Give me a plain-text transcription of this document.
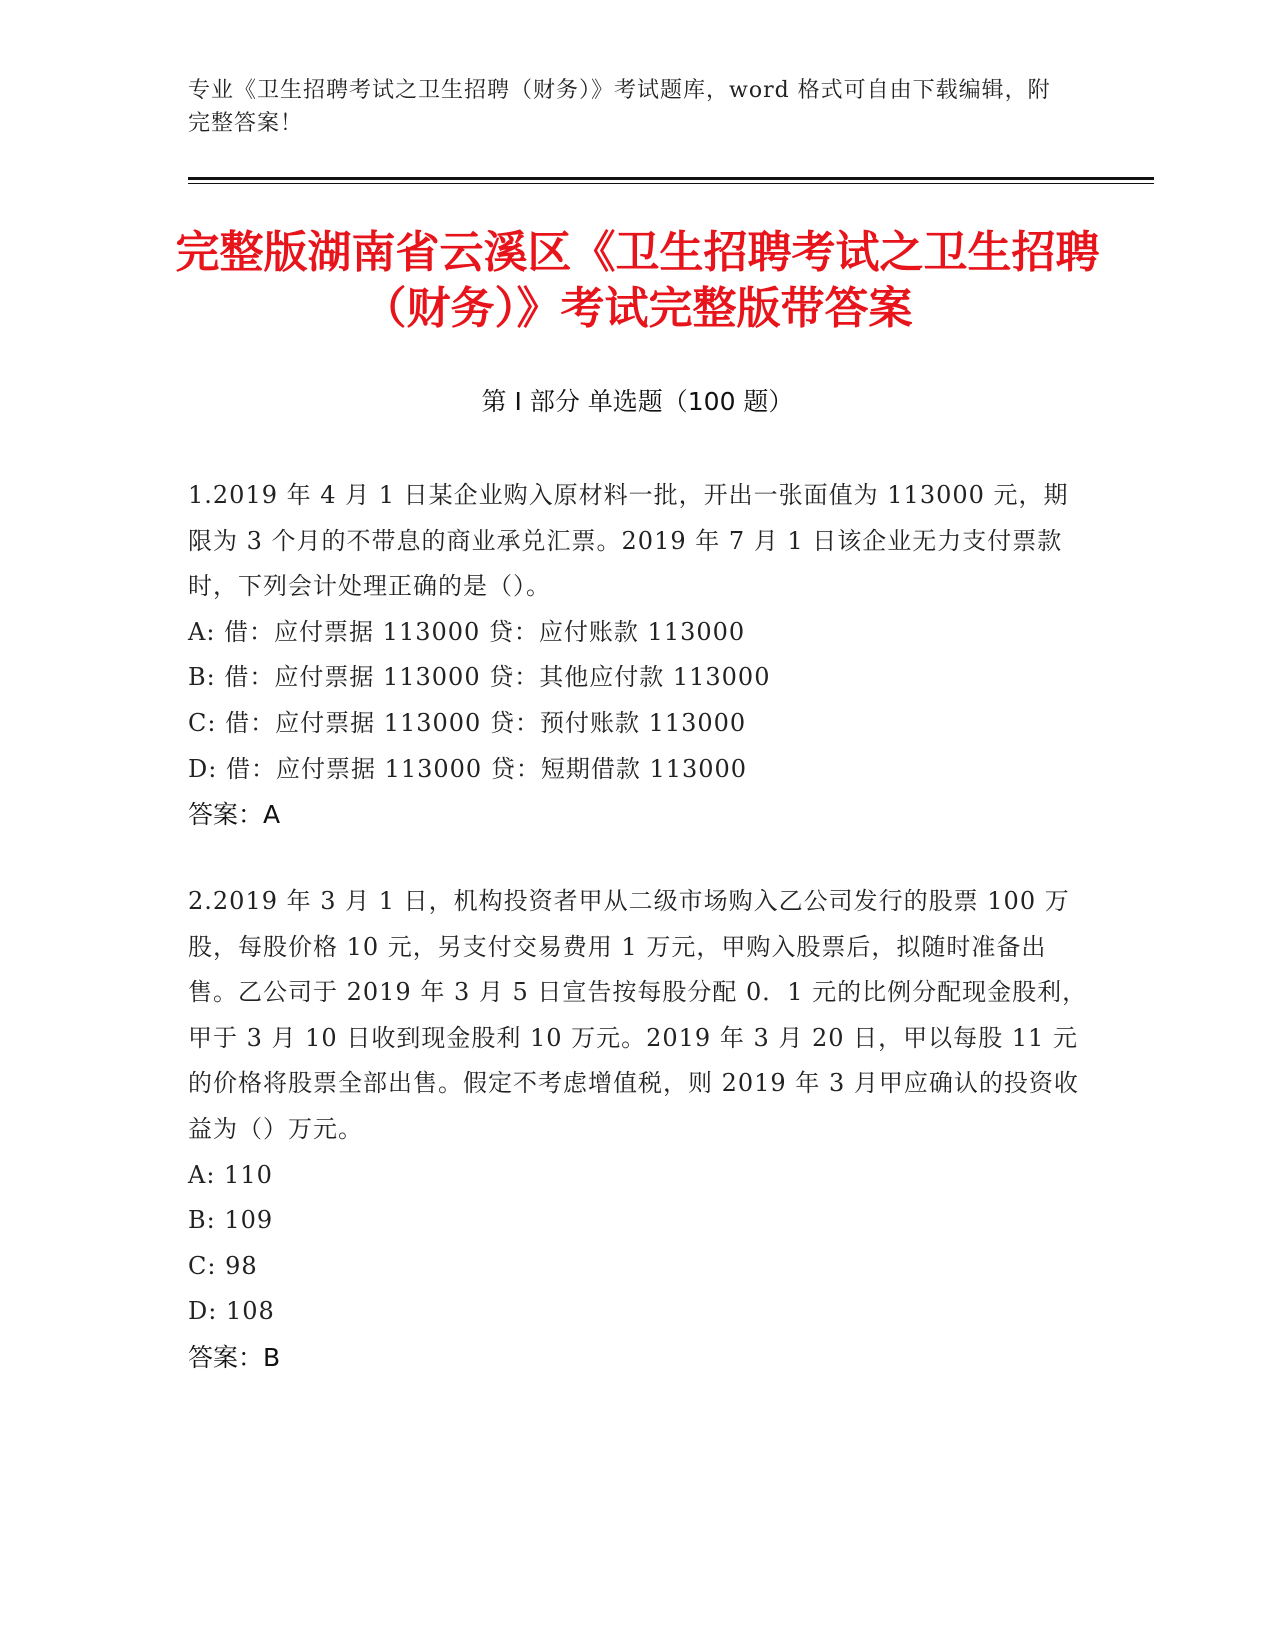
专业《卫生招聘考试之卫生招聘（财务）》考试题库，word 格式可自由下载编辑，附完整答案！
完整版湖南省云溪区《卫生招聘考试之卫生招聘（财务）》考试完整版带答案
第 I 部分 单选题（100 题）
1.2019 年 4 月 1 日某企业购入原材料一批，开出一张面值为 113000 元，期限为 3 个月的不带息的商业承兑汇票。2019 年 7 月 1 日该企业无力支付票款时，下列会计处理正确的是（）。
A: 借：应付票据 113000 贷：应付账款 113000
B: 借：应付票据 113000 贷：其他应付款 113000
C: 借：应付票据 113000 贷：预付账款 113000
D: 借：应付票据 113000 贷：短期借款 113000
答案：A
2.2019 年 3 月 1 日，机构投资者甲从二级市场购入乙公司发行的股票 100 万股，每股价格 10 元，另支付交易费用 1 万元，甲购入股票后，拟随时准备出售。乙公司于 2019 年 3 月 5 日宣告按每股分配 0．1 元的比例分配现金股利，甲于 3 月 10 日收到现金股利 10 万元。2019 年 3 月 20 日，甲以每股 11 元的价格将股票全部出售。假定不考虑增值税，则 2019 年 3 月甲应确认的投资收益为（）万元。
A: 110
B: 109
C: 98
D: 108
答案：B
